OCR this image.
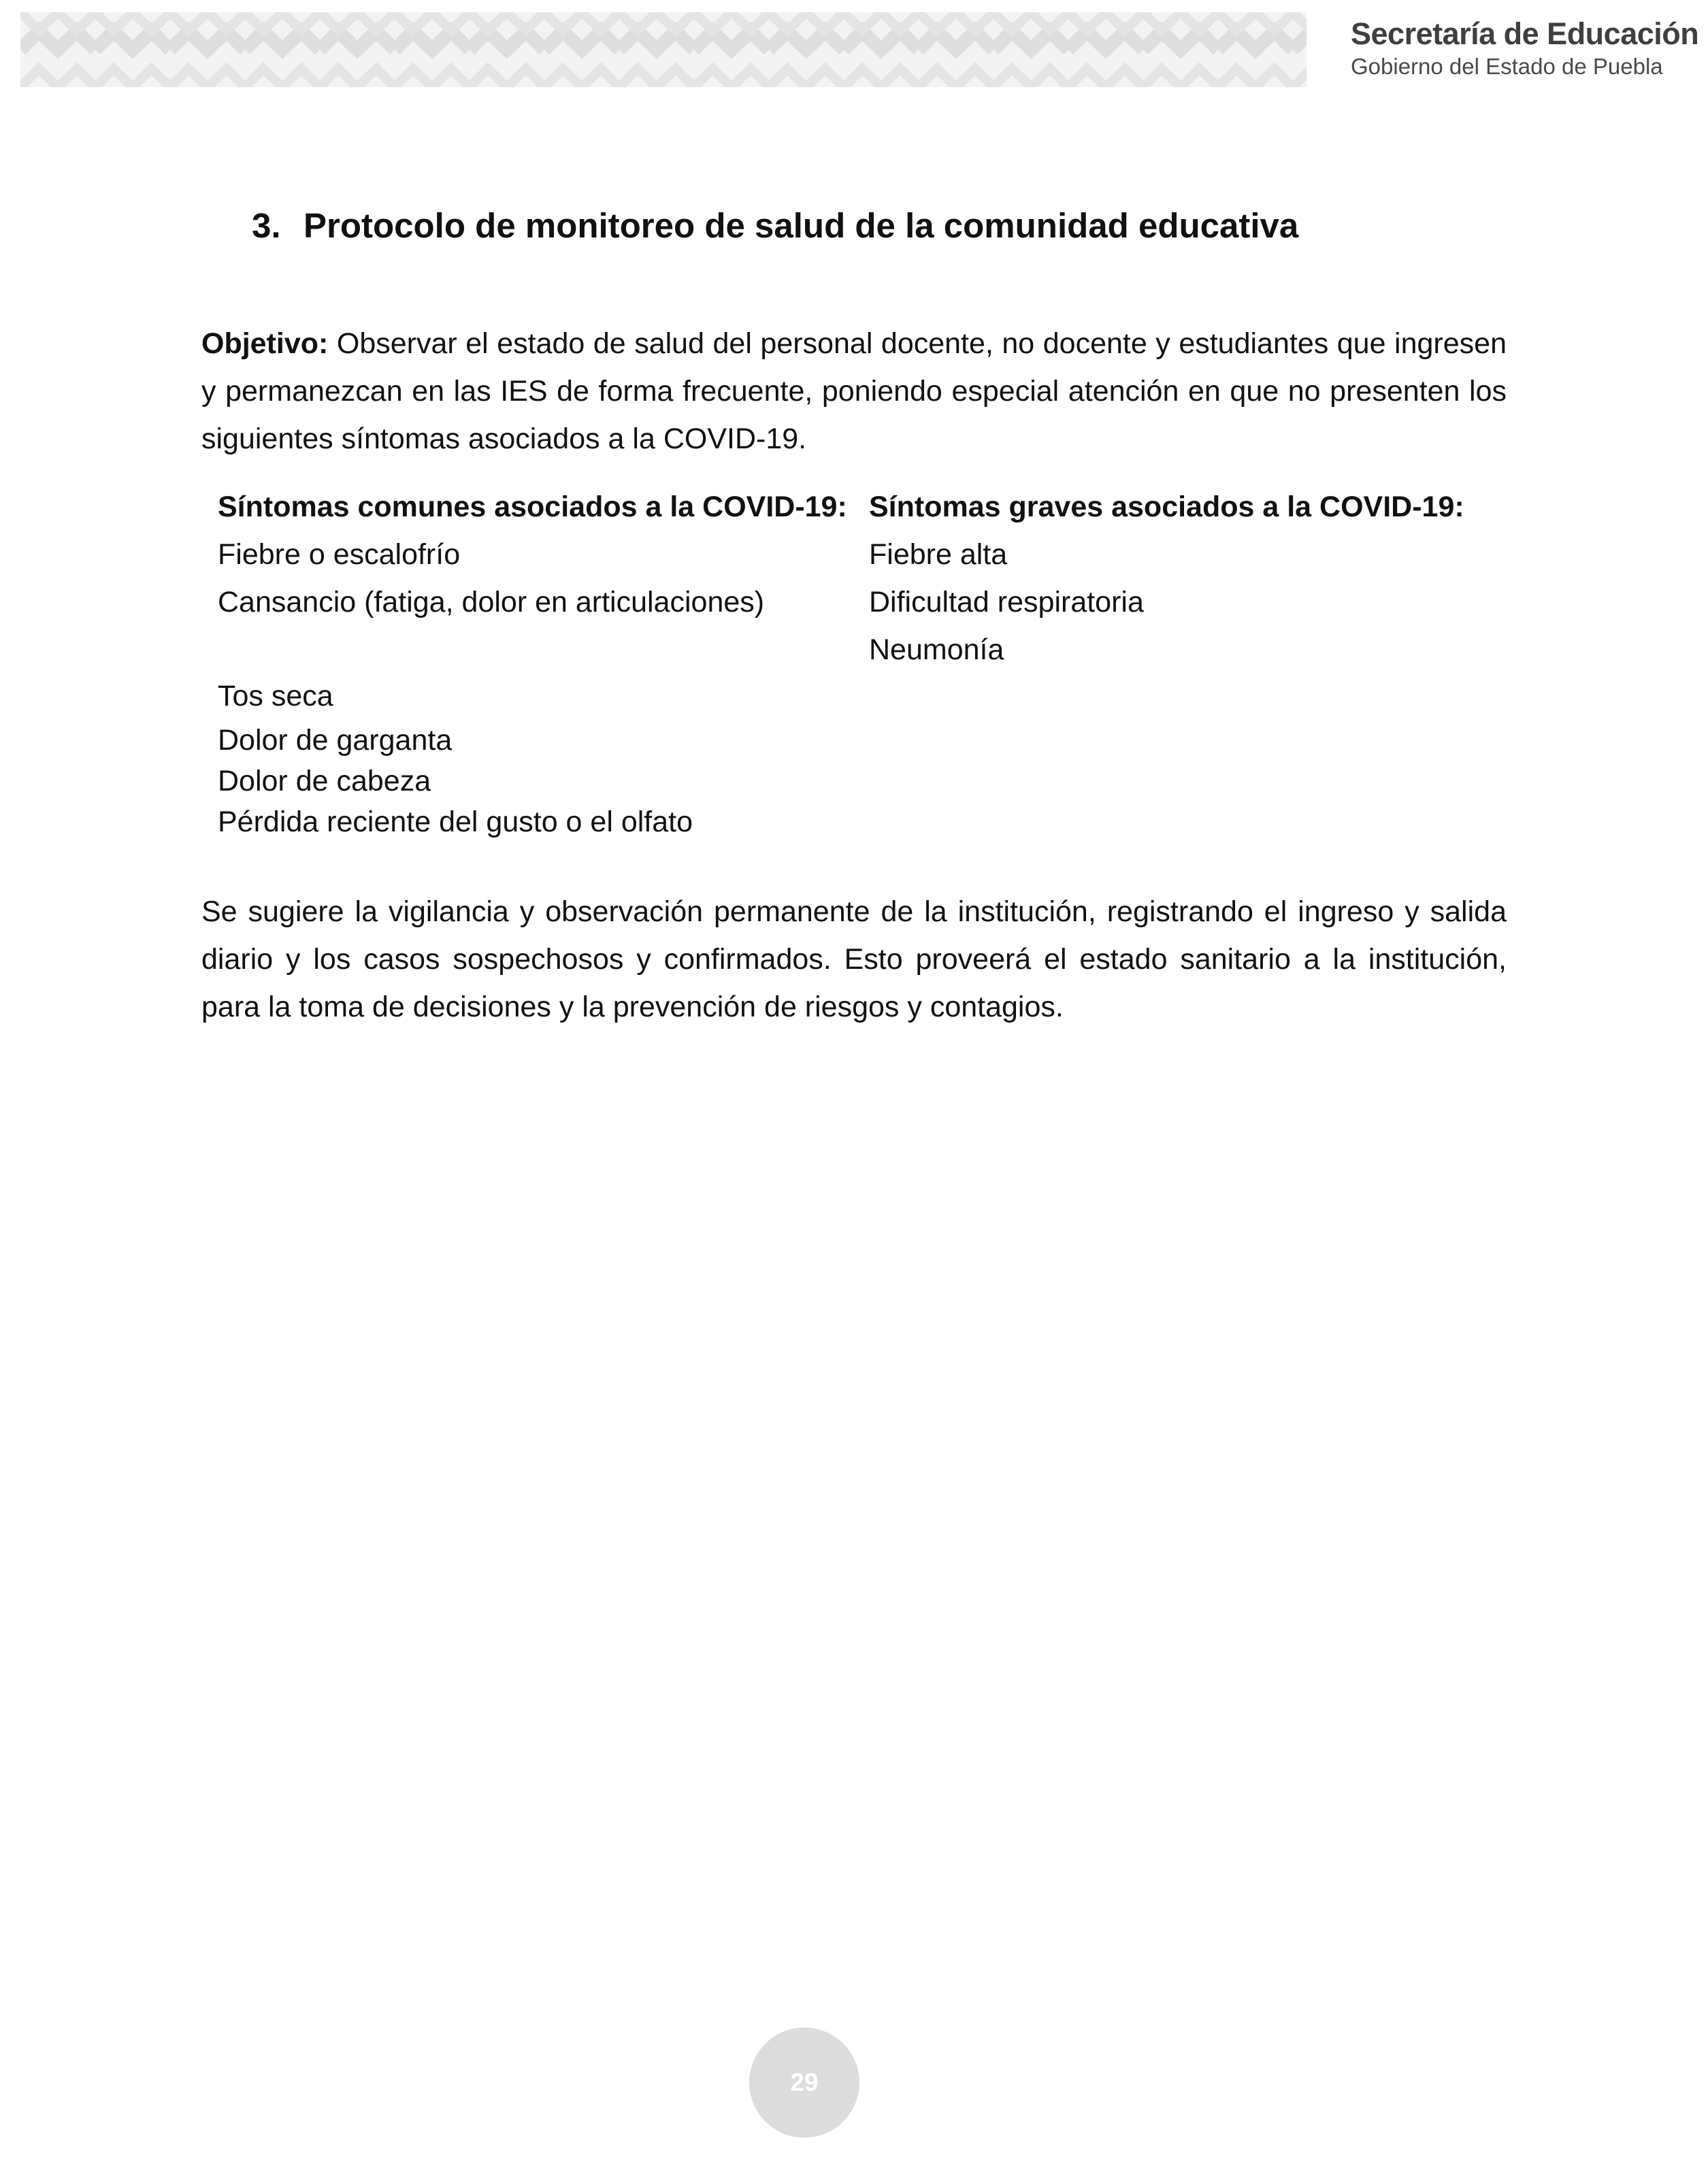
Secretaría de Educación
Gobierno del Estado de Puebla
3. Protocolo de monitoreo de salud de la comunidad educativa

Objetivo: Observar el estado de salud del personal docente, no docente y estudiantes que ingresen y permanezcan en las IES de forma frecuente, poniendo especial atención en que no presenten los siguientes síntomas asociados a la COVID-19.

Síntomas comunes asociados a la COVID-19:
Fiebre o escalofrío
Cansancio (fatiga, dolor en articulaciones)
Tos seca
Dolor de garganta
Dolor de cabeza
Pérdida reciente del gusto o el olfato
Síntomas graves asociados a la COVID-19:
Fiebre alta
Dificultad respiratoria
Neumonía

Se sugiere la vigilancia y observación permanente de la institución, registrando el ingreso y salida diario y los casos sospechosos y confirmados. Esto proveerá el estado sanitario a la institución, para la toma de decisiones y la prevención de riesgos y contagios.

29
